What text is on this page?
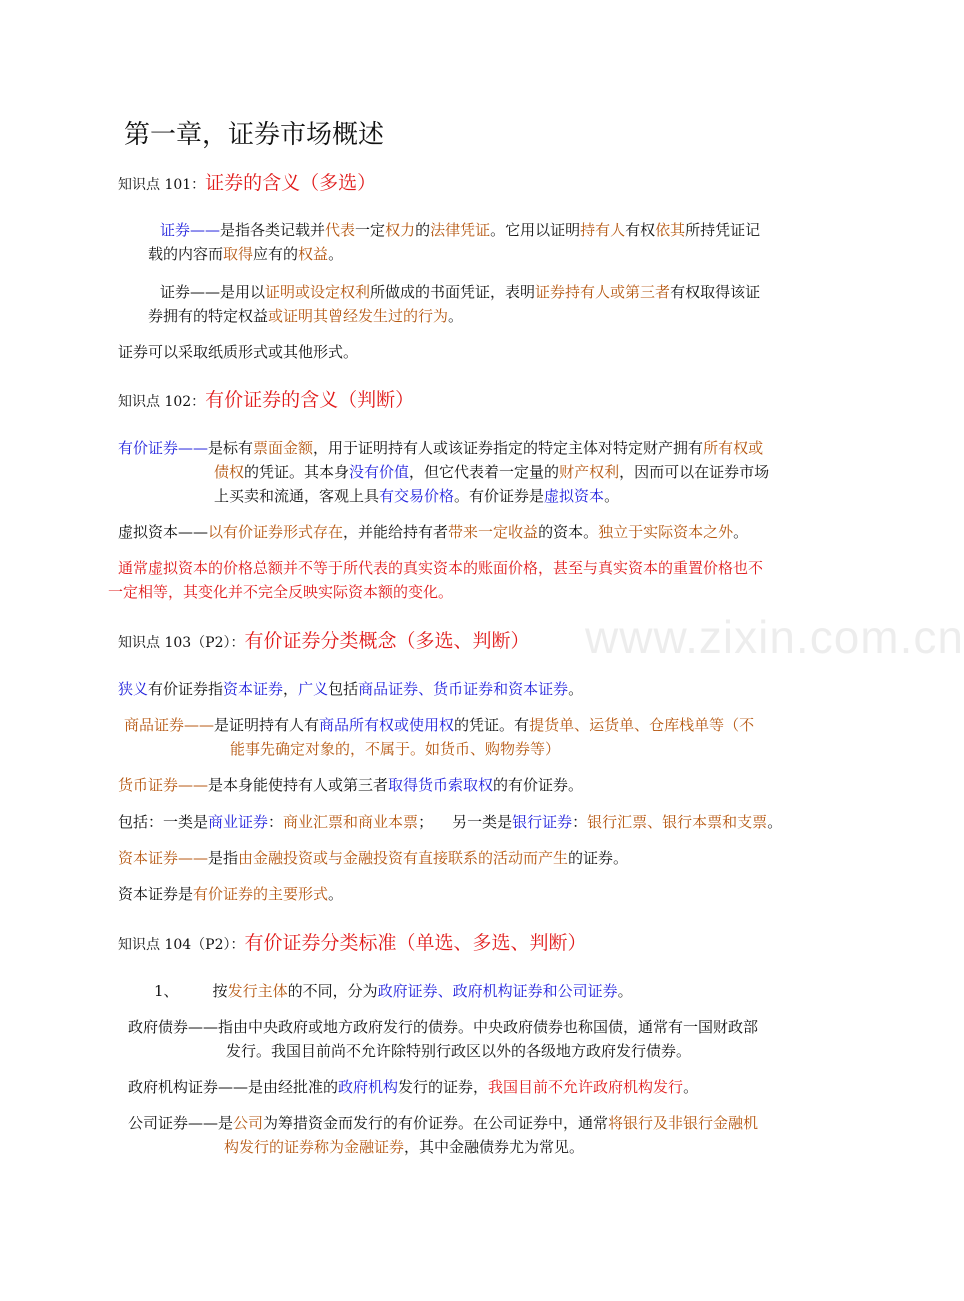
www.zixin.com.cn
第一章，证券市场概述
知识点 101：证券的含义（多选）
证券——是指各类记载并代表一定权力的法律凭证。它用以证明持有人有权依其所持凭证记
载的内容而取得应有的权益。
证券——是用以证明或设定权利所做成的书面凭证，表明证券持有人或第三者有权取得该证
券拥有的特定权益或证明其曾经发生过的行为。
证券可以采取纸质形式或其他形式。
知识点 102：有价证券的含义（判断）
有价证券——是标有票面金额，用于证明持有人或该证券指定的特定主体对特定财产拥有所有权或
债权的凭证。其本身没有价值，但它代表着一定量的财产权利，因而可以在证券市场
上买卖和流通，客观上具有交易价格。有价证券是虚拟资本。
虚拟资本——以有价证券形式存在，并能给持有者带来一定收益的资本。独立于实际资本之外。
通常虚拟资本的价格总额并不等于所代表的真实资本的账面价格，甚至与真实资本的重置价格也不
一定相等，其变化并不完全反映实际资本额的变化。
知识点 103（P2）：有价证券分类概念（多选、判断）
狭义有价证券指资本证券，广义包括商品证券、货币证券和资本证券。
商品证券——是证明持有人有商品所有权或使用权的凭证。有提货单、运货单、仓库栈单等（不
能事先确定对象的，不属于。如货币、购物券等）
货币证券——是本身能使持有人或第三者取得货币索取权的有价证券。
包括：一类是商业证券：商业汇票和商业本票；    另一类是银行证券：银行汇票、银行本票和支票。
资本证券——是指由金融投资或与金融投资有直接联系的活动而产生的证券。
资本证券是有价证券的主要形式。
知识点 104（P2）：有价证券分类标准（单选、多选、判断）
1、 按发行主体的不同，分为政府证券、政府机构证券和公司证券。
政府债券——指由中央政府或地方政府发行的债券。中央政府债券也称国债，通常有一国财政部
发行。我国目前尚不允许除特别行政区以外的各级地方政府发行债券。
政府机构证券——是由经批准的政府机构发行的证券，我国目前不允许政府机构发行。
公司证券——是公司为筹措资金而发行的有价证券。在公司证券中，通常将银行及非银行金融机
构发行的证券称为金融证券，其中金融债券尤为常见。
